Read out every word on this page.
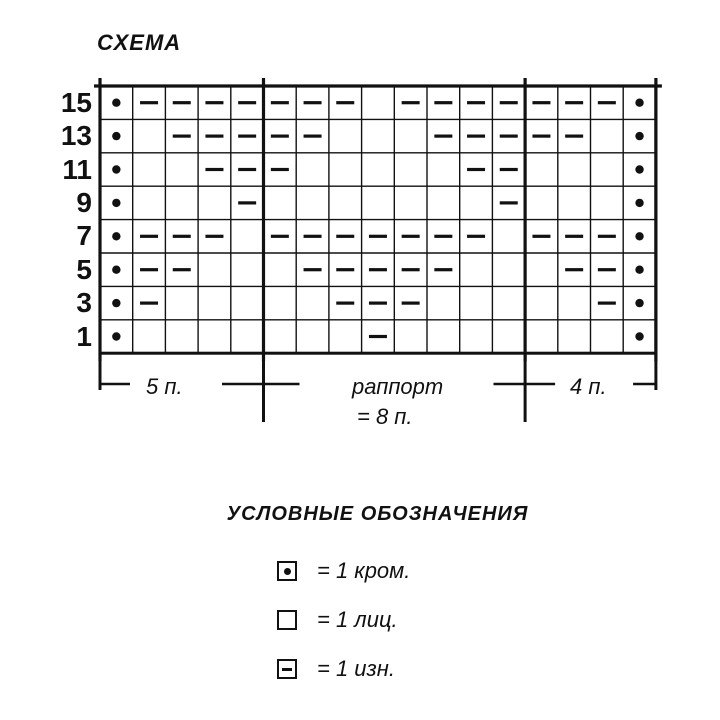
СХЕМА
15
13
11
9
7
5
3
1
5 п.	раппорт
= 8 п.
4 п.
УСЛОВНЫЕ ОБОЗНАЧЕНИЯ
= 1 кром.
= 1 лиц.
= 1 изн.
